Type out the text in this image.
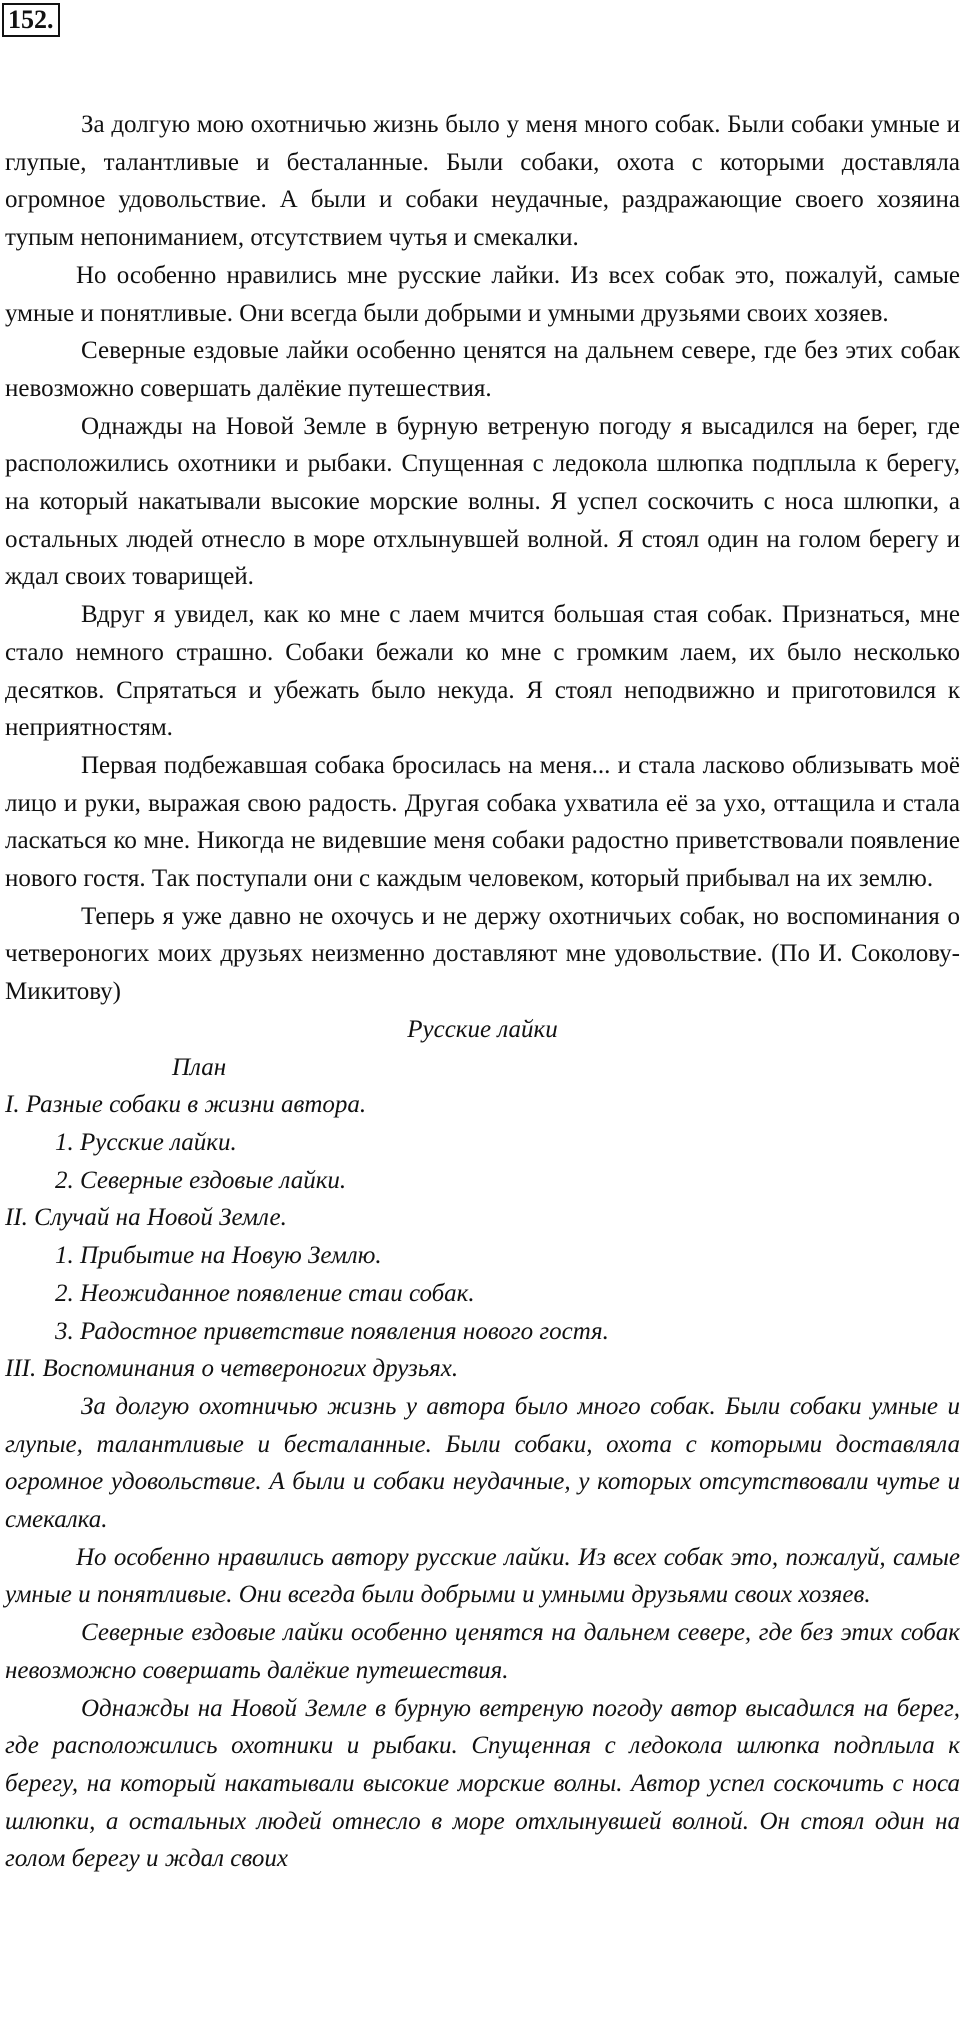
152.

За долгую мою охотничью жизнь было у меня много собак. Были собаки умные и глупые, талантливые и бесталанные. Были собаки, охота с которыми доставляла огромное удовольствие. А были и собаки неудачные, раздражающие своего хозяина тупым непониманием, отсутствием чутья и смекалки.

Но особенно нравились мне русские лайки. Из всех собак это, пожалуй, самые умные и понятливые. Они всегда были добрыми и умными друзьями своих хозяев.

Северные ездовые лайки особенно ценятся на дальнем севере, где без этих собак невозможно совершать далёкие путешествия.

Однажды на Новой Земле в бурную ветреную погоду я высадился на берег, где расположились охотники и рыбаки. Спущенная с ледокола шлюпка подплыла к берегу, на который накатывали высокие морские волны. Я успел соскочить с носа шлюпки, а остальных людей отнесло в море отхлынувшей волной. Я стоял один на голом берегу и ждал своих товарищей.

Вдруг я увидел, как ко мне с лаем мчится большая стая собак. Признаться, мне стало немного страшно. Собаки бежали ко мне с громким лаем, их было несколько десятков. Спрятаться и убежать было некуда. Я стоял неподвижно и приготовился к неприятностям.

Первая подбежавшая собака бросилась на меня... и стала ласково облизывать моё лицо и руки, выражая свою радость. Другая собака ухватила её за ухо, оттащила и стала ласкаться ко мне. Никогда не видевшие меня собаки радостно приветствовали появление нового гостя. Так поступали они с каждым человеком, который прибывал на их землю.

Теперь я уже давно не охочусь и не держу охотничьих собак, но воспоминания о четвероногих моих друзьях неизменно доставляют мне удовольствие. (По И. Соколову-Микитову)

Русские лайки

План

I. Разные собаки в жизни автора.

1. Русские лайки.

2. Северные ездовые лайки.

II. Случай на Новой Земле.

1. Прибытие на Новую Землю.

2. Неожиданное появление стаи собак.

3. Радостное приветствие появления нового гостя.

III. Воспоминания о четвероногих друзьях.

За долгую охотничью жизнь у автора было много собак. Были собаки умные и глупые, талантливые и бесталанные. Были собаки, охота с которыми доставляла огромное удовольствие. А были и собаки неудачные, у которых отсутствовали чутье и смекалка.

Но особенно нравились автору русские лайки. Из всех собак это, пожалуй, самые умные и понятливые. Они всегда были добрыми и умными друзьями своих хозяев.

Северные ездовые лайки особенно ценятся на дальнем севере, где без этих собак невозможно совершать далёкие путешествия.

Однажды на Новой Земле в бурную ветреную погоду автор высадился на берег, где расположились охотники и рыбаки. Спущенная с ледокола шлюпка подплыла к берегу, на который накатывали высокие морские волны. Автор успел соскочить с носа шлюпки, а остальных людей отнесло в море отхлынувшей волной. Он стоял один на голом берегу и ждал своих
